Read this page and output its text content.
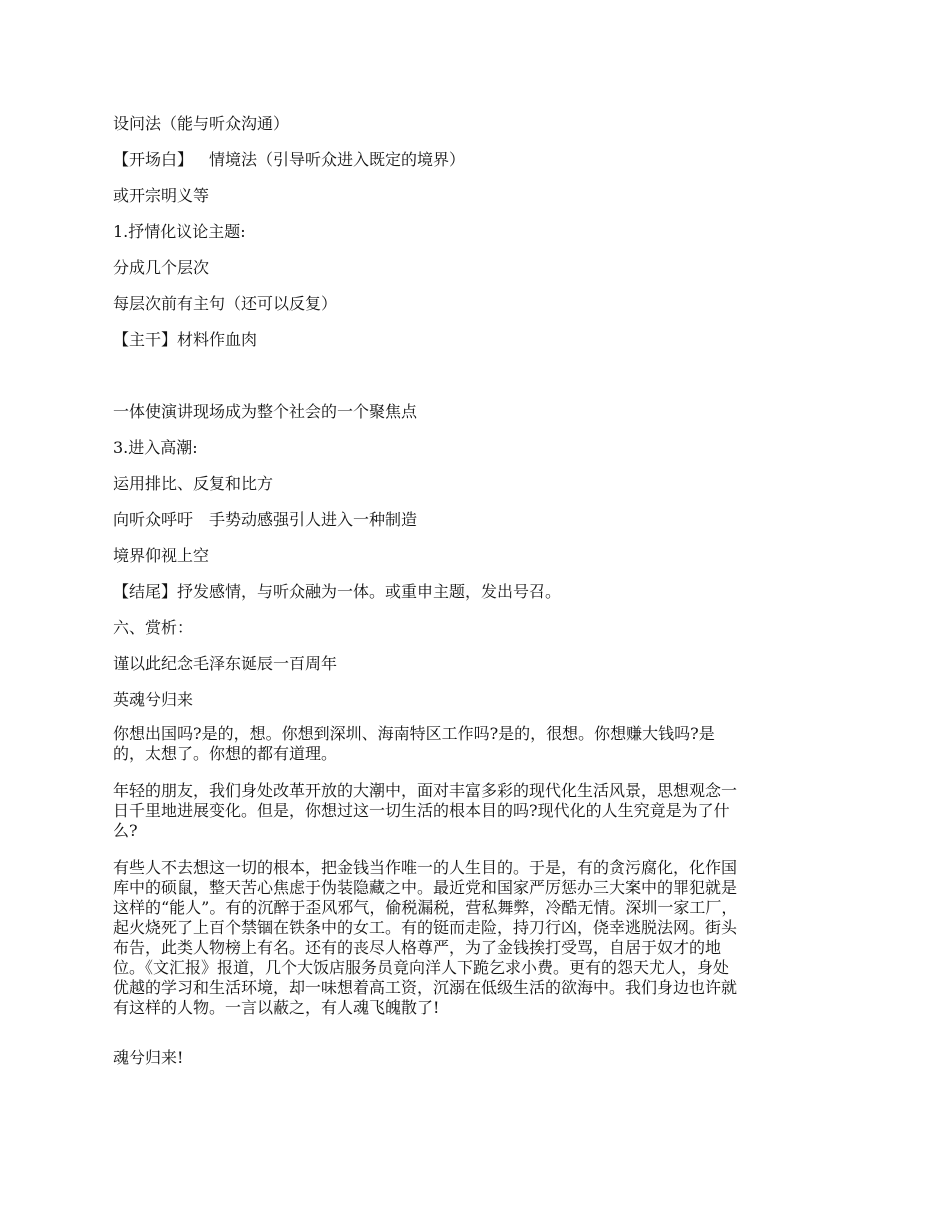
设问法（能与听众沟通）
【开场白】 情境法（引导听众进入既定的境界）
或开宗明义等
1.抒情化议论主题:
分成几个层次
每层次前有主句（还可以反复）
【主干】材料作血肉
一体使演讲现场成为整个社会的一个聚焦点
3.进入高潮:
运用排比、反复和比方
向听众呼吁 手势动感强引人进入一种制造
境界仰视上空
【结尾】抒发感情，与听众融为一体。或重申主题，发出号召。
六、赏析：
谨以此纪念毛泽东诞辰一百周年
英魂兮归来
你想出国吗?是的，想。你想到深圳、海南特区工作吗?是的，很想。你想赚大钱吗?是
的，太想了。你想的都有道理。
年轻的朋友，我们身处改革开放的大潮中，面对丰富多彩的现代化生活风景，思想观念一
日千里地进展变化。但是，你想过这一切生活的根本目的吗?现代化的人生究竟是为了什
么?
有些人不去想这一切的根本，把金钱当作唯一的人生目的。于是，有的贪污腐化，化作国
库中的硕鼠，整天苦心焦虑于伪装隐藏之中。最近党和国家严厉惩办三大案中的罪犯就是
这样的“能人”。有的沉醉于歪风邪气，偷税漏税，营私舞弊，冷酷无情。深圳一家工厂，
起火烧死了上百个禁锢在铁条中的女工。有的铤而走险，持刀行凶，侥幸逃脱法网。街头
布告，此类人物榜上有名。还有的丧尽人格尊严，为了金钱挨打受骂，自居于奴才的地
位。《文汇报》报道，几个大饭店服务员竟向洋人下跪乞求小费。更有的怨天尤人，身处
优越的学习和生活环境，却一味想着高工资，沉溺在低级生活的欲海中。我们身边也许就
有这样的人物。一言以蔽之，有人魂飞魄散了!
魂兮归来!
